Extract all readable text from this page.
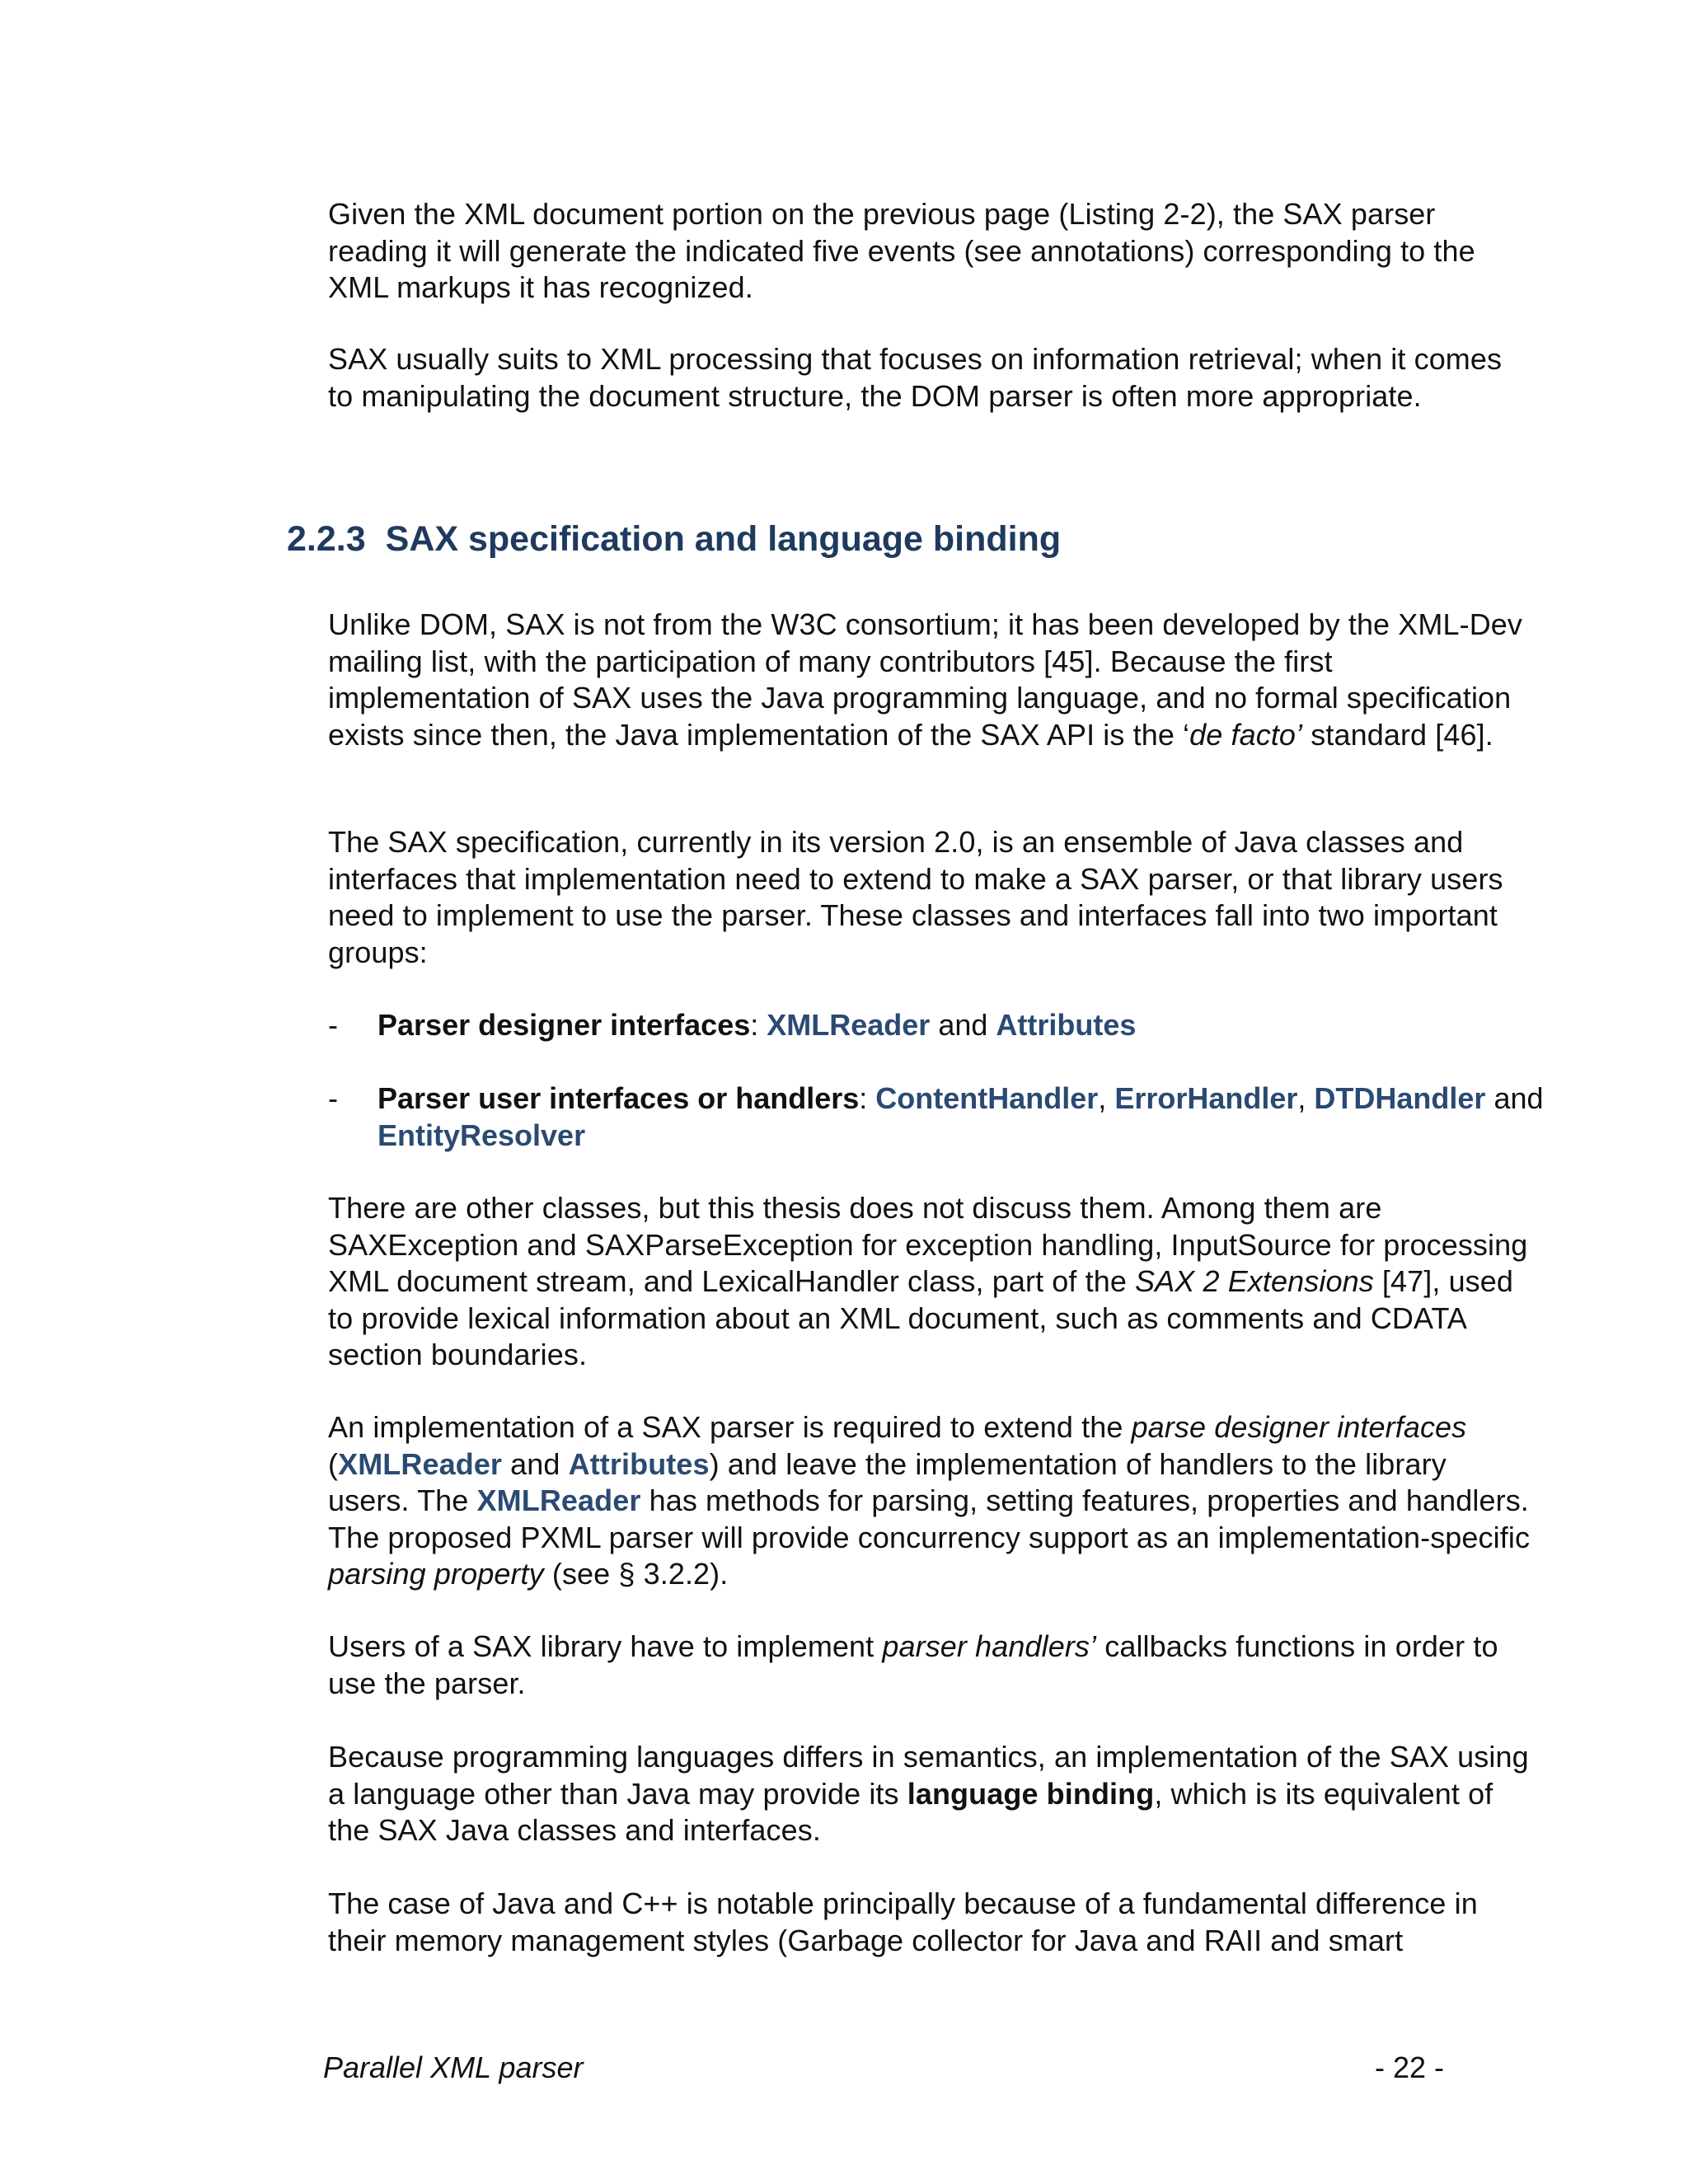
Given the XML document portion on the previous page (Listing 2-2), the SAX parser reading it will generate the indicated five events (see annotations) corresponding to the XML markups it has recognized.

SAX usually suits to XML processing that focuses on information retrieval; when it comes to manipulating the document structure, the DOM parser is often more appropriate.

2.2.3 SAX specification and language binding

Unlike DOM, SAX is not from the W3C consortium; it has been developed by the XML-Dev mailing list, with the participation of many contributors [45]. Because the first implementation of SAX uses the Java programming language, and no formal specification exists since then, the Java implementation of the SAX API is the ‘de facto’ standard [46].

The SAX specification, currently in its version 2.0, is an ensemble of Java classes and interfaces that implementation need to extend to make a SAX parser, or that library users need to implement to use the parser. These classes and interfaces fall into two important groups:

- Parser designer interfaces: XMLReader and Attributes
- Parser user interfaces or handlers: ContentHandler, ErrorHandler, DTDHandler and EntityResolver

There are other classes, but this thesis does not discuss them. Among them are SAXException and SAXParseException for exception handling, InputSource for processing XML document stream, and LexicalHandler class, part of the SAX 2 Extensions [47], used to provide lexical information about an XML document, such as comments and CDATA section boundaries.

An implementation of a SAX parser is required to extend the parse designer interfaces (XMLReader and Attributes) and leave the implementation of handlers to the library users. The XMLReader has methods for parsing, setting features, properties and handlers. The proposed PXML parser will provide concurrency support as an implementation-specific parsing property (see § 3.2.2).

Users of a SAX library have to implement parser handlers’ callbacks functions in order to use the parser.

Because programming languages differs in semantics, an implementation of the SAX using a language other than Java may provide its language binding, which is its equivalent of the SAX Java classes and interfaces.

The case of Java and C++ is notable principally because of a fundamental difference in their memory management styles (Garbage collector for Java and RAII and smart

Parallel XML parser	- 22 -
